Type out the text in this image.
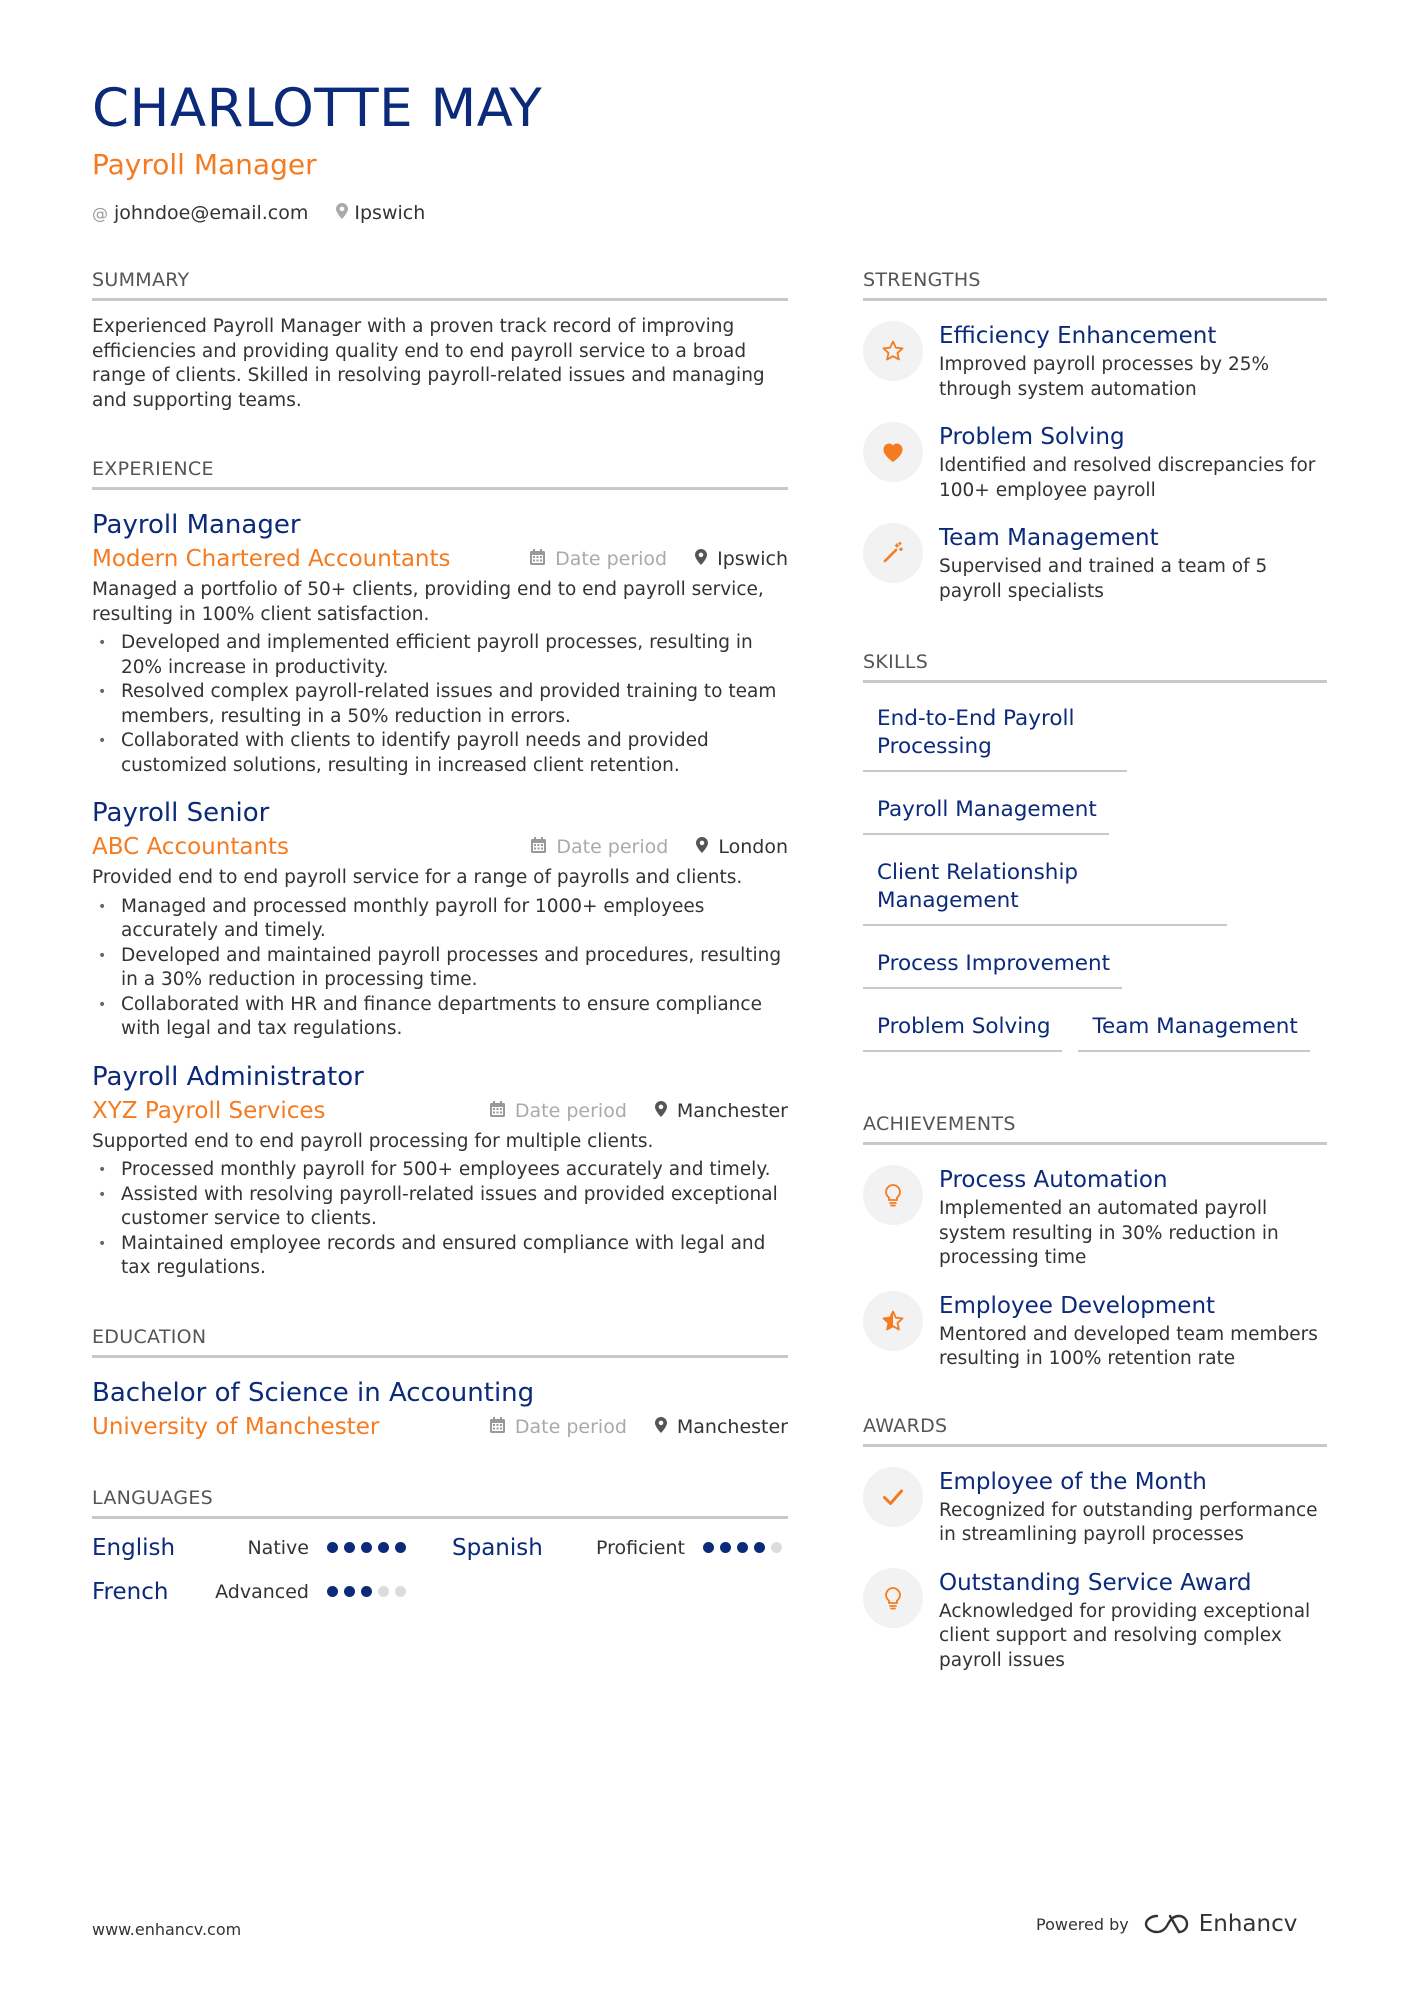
CHARLOTTE MAY
Payroll Manager
@ johndoe@email.com Ipswich
SUMMARY

Experienced Payroll Manager with a proven track record of improving efficiencies and providing quality end to end payroll service to a broad range of clients. Skilled in resolving payroll-related issues and managing and supporting teams.

EXPERIENCE
Payroll Manager
Modern Chartered Accountants	Date period	Ipswich

Managed a portfolio of 50+ clients, providing end to end payroll service, resulting in 100% client satisfaction.

• Developed and implemented efficient payroll processes, resulting in 20% increase in productivity.
• Resolved complex payroll-related issues and provided training to team members, resulting in a 50% reduction in errors.
• Collaborated with clients to identify payroll needs and provided customized solutions, resulting in increased client retention.
Payroll Senior
ABC Accountants	Date period	London

Provided end to end payroll service for a range of payrolls and clients.

• Managed and processed monthly payroll for 1000+ employees accurately and timely.
• Developed and maintained payroll processes and procedures, resulting in a 30% reduction in processing time.
• Collaborated with HR and finance departments to ensure compliance with legal and tax regulations.
Payroll Administrator
XYZ Payroll Services	Date period	Manchester

Supported end to end payroll processing for multiple clients.

• Processed monthly payroll for 500+ employees accurately and timely.
• Assisted with resolving payroll-related issues and provided exceptional customer service to clients.
• Maintained employee records and ensured compliance with legal and tax regulations.
EDUCATION
Bachelor of Science in Accounting
University of Manchester	Date period	Manchester
LANGUAGES
English	Native	Spanish	Proficient
French Advanced
STRENGTHS
Efficiency Enhancement
Improved payroll processes by 25% through system automation
Problem Solving
Identified and resolved discrepancies for 100+ employee payroll
Team Management
Supervised and trained a team of 5 payroll specialists
SKILLS
End-to-End Payroll Processing
Payroll Management
Client Relationship Management
Process Improvement
Problem Solving	Team Management
ACHIEVEMENTS
Process Automation
Implemented an automated payroll system resulting in 30% reduction in processing time
Employee Development
Mentored and developed team members resulting in 100% retention rate
AWARDS
Employee of the Month
Recognized for outstanding performance in streamlining payroll processes
Outstanding Service Award
Acknowledged for providing exceptional client support and resolving complex payroll issues
www.enhancv.com	Powered by	Enhancv
